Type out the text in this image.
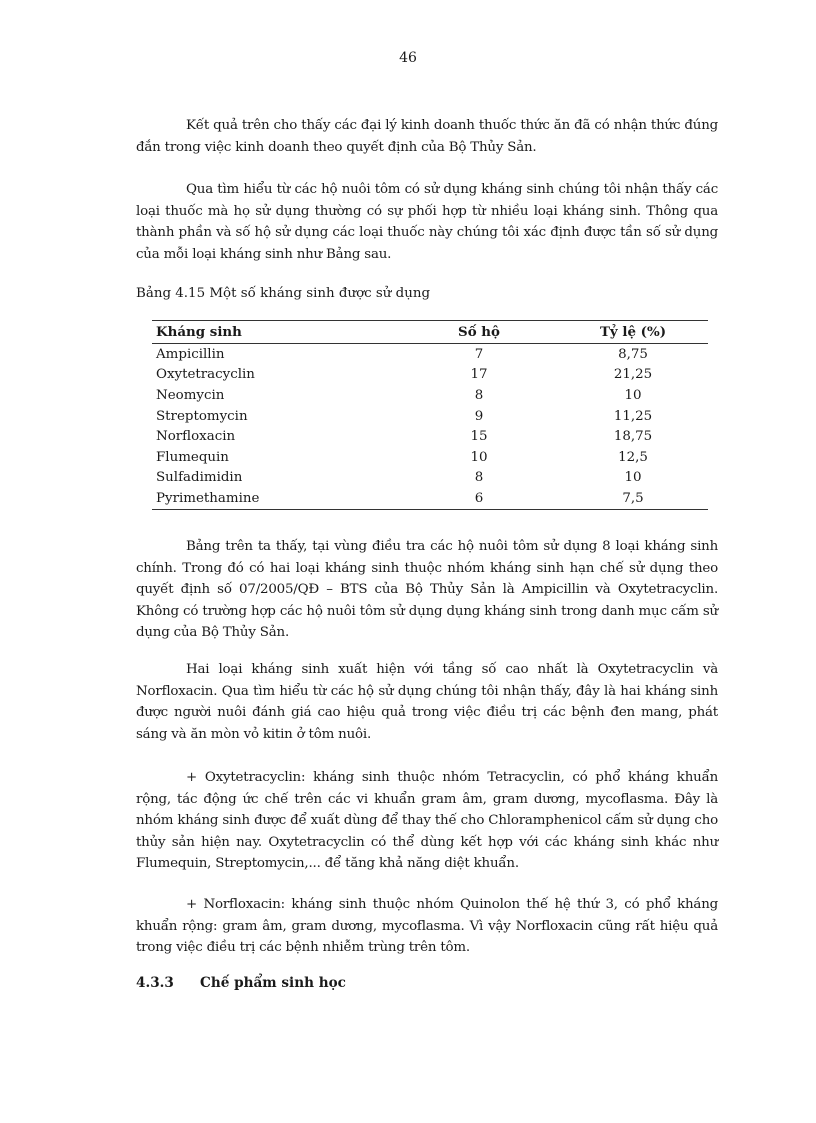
46

Kết quả trên cho thấy các đại lý kinh doanh thuốc thức ăn đã có nhận thức đúng đắn trong việc kinh doanh theo quyết định của Bộ Thủy Sản.

Qua tìm hiểu từ các hộ nuôi tôm có sử dụng kháng sinh chúng tôi nhận thấy các loại thuốc mà họ sử dụng thường có sự phối hợp từ nhiều loại kháng sinh. Thông qua thành phần và số hộ sử dụng các loại thuốc này chúng tôi xác định được tần số sử dụng của mỗi loại kháng sinh như Bảng sau.

Bảng 4.15 Một số kháng sinh được sử dụng

Kháng sinh	Số hộ	Tỷ lệ (%)
Ampicillin	7	8,75
Oxytetracyclin	17	21,25
Neomycin	8	10
Streptomycin	9	11,25
Norfloxacin	15	18,75
Flumequin	10	12,5
Sulfadimidin	8	10
Pyrimethamine	6	7,5

Bảng trên ta thấy, tại vùng điều tra các hộ nuôi tôm sử dụng 8 loại kháng sinh chính. Trong đó có hai loại kháng sinh thuộc nhóm kháng sinh hạn chế sử dụng theo quyết định số 07/2005/QĐ – BTS của Bộ Thủy Sản là Ampicillin và Oxytetracyclin. Không có trường hợp các hộ nuôi tôm sử dụng dụng kháng sinh trong danh mục cấm sử dụng của Bộ Thủy Sản.

Hai loại kháng sinh xuất hiện với tầng số cao nhất là Oxytetracyclin và Norfloxacin. Qua tìm hiểu từ các hộ sử dụng chúng tôi nhận thấy, đây là hai kháng sinh được người nuôi đánh giá cao hiệu quả trong việc điều trị các bệnh đen mang, phát sáng và ăn mòn vỏ kitin ở tôm nuôi.

+ Oxytetracyclin: kháng sinh thuộc nhóm Tetracyclin, có phổ kháng khuẩn rộng, tác động ức chế trên các vi khuẩn gram âm, gram dương, mycoflasma. Đây là nhóm kháng sinh được để xuất dùng để thay thế cho Chloramphenicol cấm sử dụng cho thủy sản hiện nay. Oxytetracyclin có thể dùng kết hợp với các kháng sinh khác như Flumequin, Streptomycin,... để tăng khả năng diệt khuẩn.

+ Norfloxacin: kháng sinh thuộc nhóm Quinolon thế hệ thứ 3, có phổ kháng khuẩn rộng: gram âm, gram dương, mycoflasma. Vì vậy Norfloxacin cũng rất hiệu quả trong việc điều trị các bệnh nhiễm trùng trên tôm.

4.3.3 Chế phẩm sinh học
